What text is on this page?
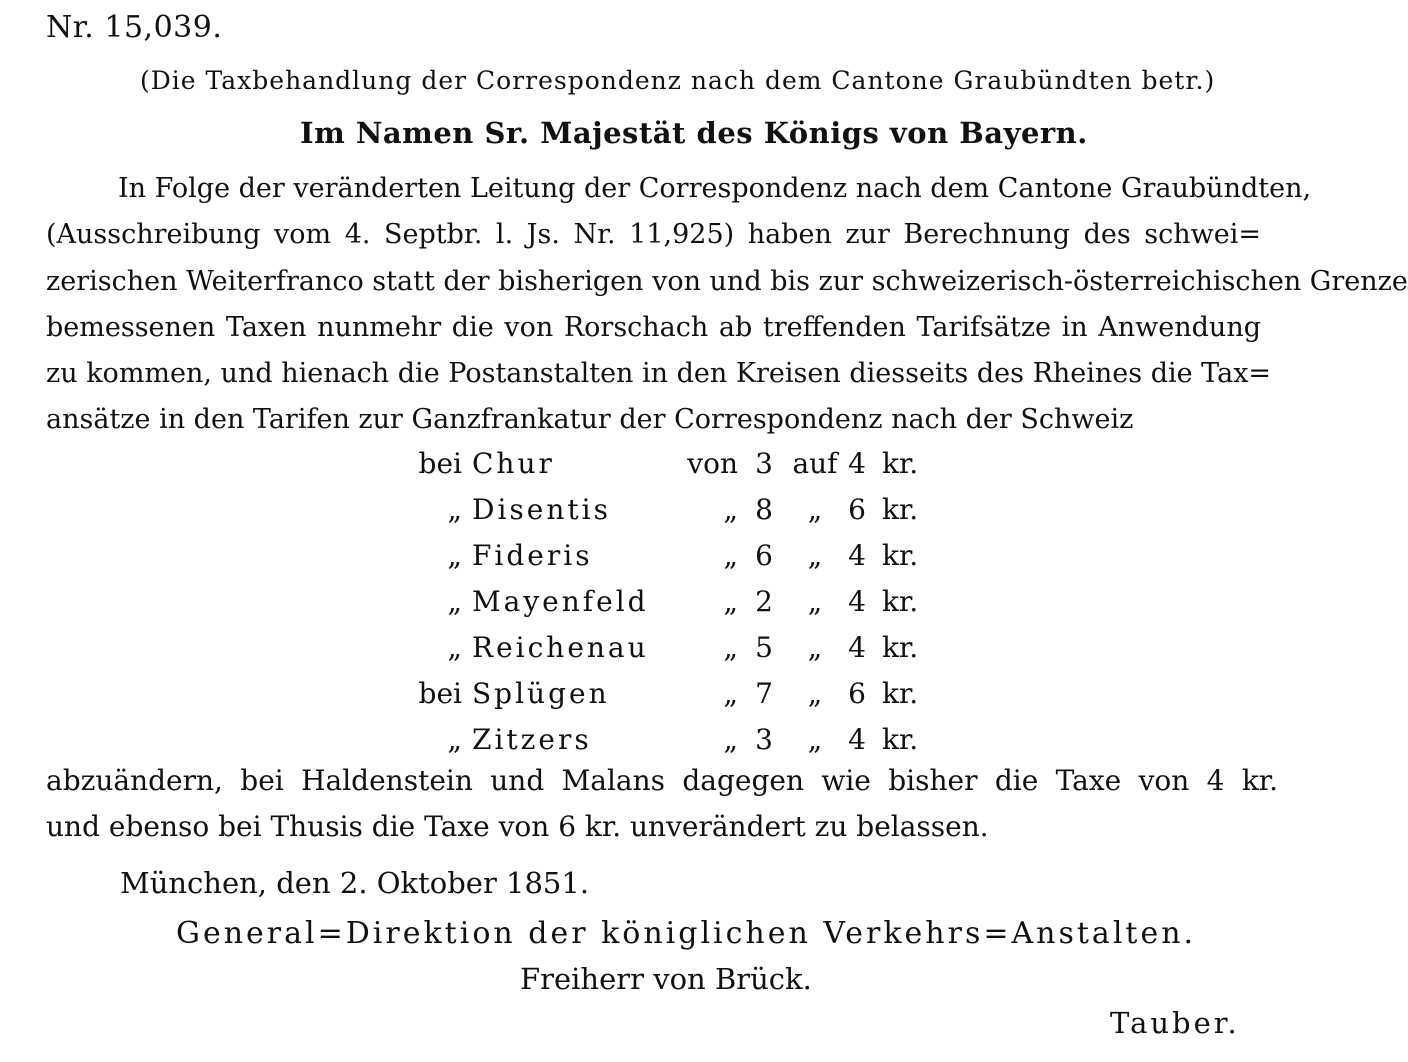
Nr. 15,039.
(Die Taxbehandlung der Correspondenz nach dem Cantone Graubündten betr.)
Im Namen Sr. Majestät des Königs von Bayern.
In Folge der veränderten Leitung der Correspondenz nach dem Cantone Graubündten,
(Ausschreibung vom 4. Septbr. l. Js. Nr. 11,925) haben zur Berechnung des schwei=
zerischen Weiterfranco statt der bisherigen von und bis zur schweizerisch-österreichischen Grenze
bemessenen Taxen nunmehr die von Rorschach ab treffenden Tarifsätze in Anwendung
zu kommen, und hienach die Postanstalten in den Kreisen diesseits des Rheines die Tax=
ansätze in den Tarifen zur Ganzfrankatur der Correspondenz nach der Schweiz
bei	Chur	von	3	auf	4	kr.
„	Disentis	„	8	„	6	kr.
„	Fideris	„	6	„	4	kr.
„	Mayenfeld	„	2	„	4	kr.
„	Reichenau	„	5	„	4	kr.
bei	Splügen	„	7	„	6	kr.
„	Zitzers	„	3	„	4	kr.
abzuändern, bei Haldenstein und Malans dagegen wie bisher die Taxe von 4 kr.
und ebenso bei Thusis die Taxe von 6 kr. unverändert zu belassen.
München, den 2. Oktober 1851.
General=Direktion der königlichen Verkehrs=Anstalten.
Freiherr von Brück.
Tauber.
